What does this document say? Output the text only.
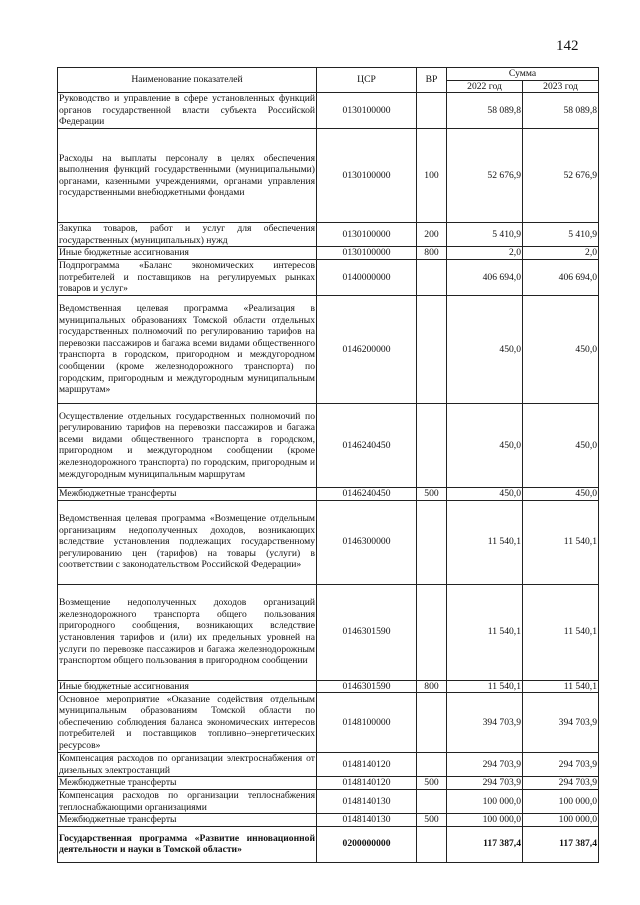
142
Наименование показателей	ЦСР	ВР	Сумма	
			2022 год	2023 год
Руководство и управление в сфере установленных функций органов государственной власти субъекта Российской Федерации	0130100000		58 089,8	58 089,8
Расходы на выплаты персоналу в целях обеспечения выполнения функций государственными (муниципальными) органами, казенными учреждениями, органами управления государственными внебюджетными фондами	0130100000	100	52 676,9	52 676,9
Закупка товаров, работ и услуг для обеспечения государственных (муниципальных) нужд	0130100000	200	5 410,9	5 410,9
Иные бюджетные ассигнования	0130100000	800	2,0	2,0
Подпрограмма «Баланс экономических интересов потребителей и поставщиков на регулируемых рынках товаров и услуг»	0140000000		406 694,0	406 694,0
Ведомственная целевая программа «Реализация в муниципальных образованиях Томской области отдельных государственных полномочий по регулированию тарифов на перевозки пассажиров и багажа всеми видами общественного транспорта в городском, пригородном и междугородном сообщении (кроме железнодорожного транспорта) по городским, пригородным и междугородным муниципальным маршрутам»	0146200000		450,0	450,0
Осуществление отдельных государственных полномочий по регулированию тарифов на перевозки пассажиров и багажа всеми видами общественного транспорта в городском, пригородном и междугородном сообщении (кроме железнодорожного транспорта) по городским, пригородным и междугородным муниципальным маршрутам	0146240450		450,0	450,0
Межбюджетные трансферты	0146240450	500	450,0	450,0
Ведомственная целевая программа «Возмещение отдельным организациям недополученных доходов, возникающих вследствие установления подлежащих государственному регулированию цен (тарифов) на товары (услуги) в соответствии с законодательством Российской Федерации»	0146300000		11 540,1	11 540,1
Возмещение недополученных доходов организаций железнодорожного транспорта общего пользования пригородного сообщения, возникающих вследствие установления тарифов и (или) их предельных уровней на услуги по перевозке пассажиров и багажа железнодорожным транспортом общего пользования в пригородном сообщении	0146301590		11 540,1	11 540,1
Иные бюджетные ассигнования	0146301590	800	11 540,1	11 540,1
Основное мероприятие «Оказание содействия отдельным муниципальным образованиям Томской области по обеспечению соблюдения баланса экономических интересов потребителей и поставщиков топливно–энергетических ресурсов»	0148100000		394 703,9	394 703,9
Компенсация расходов по организации электроснабжения от дизельных электростанций	0148140120		294 703,9	294 703,9
Межбюджетные трансферты	0148140120	500	294 703,9	294 703,9
Компенсация расходов по организации теплоснабжения теплоснабжающими организациями	0148140130		100 000,0	100 000,0
Межбюджетные трансферты	0148140130	500	100 000,0	100 000,0
Государственная программа «Развитие инновационной деятельности и науки в Томской области»	0200000000		117 387,4	117 387,4
